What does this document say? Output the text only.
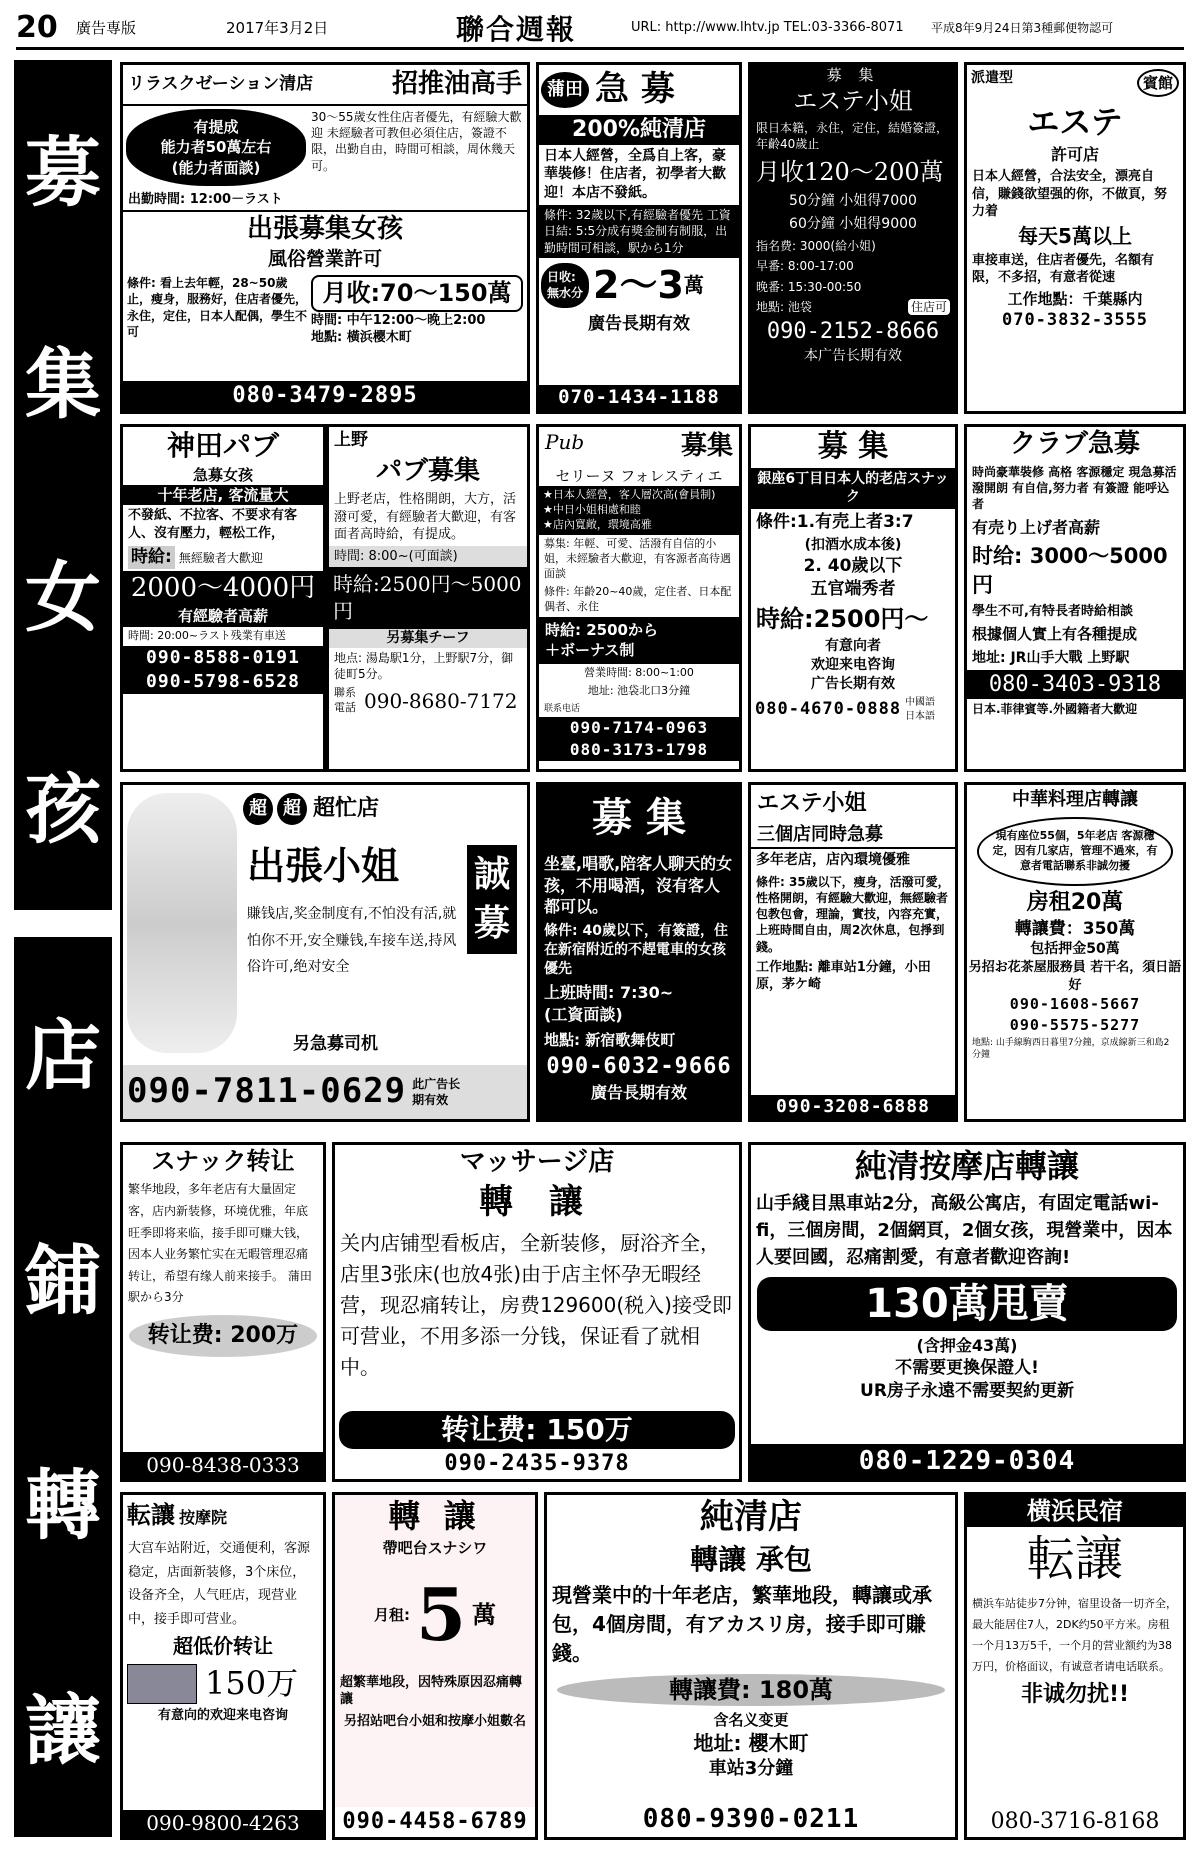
20	廣告専版	2017年3月2日	聯合週報	URL: http://www.lhtv.jp TEL:03-3366-8071	平成8年9月24日第3種郵便物認可
募
集
女
孩
店
鋪
轉
讓
リラスクゼーション清店	招推油高手
有提成
能力者50萬左右
(能力者面談)
30～55歲女性住店者優先，有經驗大歡迎 未經驗者可教但必須住店，簽證不限，出勤自由，時間可相談，周休幾天可。
出勤時間: 12:00－ラスト
出張募集女孩
風俗營業許可
條件: 看上去年輕，28~50歲止，瘦身，服務好，住店者優先，永住，定住，日本人配偶，學生不可
月收:70～150萬
時間: 中午12:00～晚上2:00
地點: 橫浜櫻木町
080-3479-2895
蒲田 急 募
200%純清店
日本人經營，全爲自上客，豪華裝修！住店者，初學者大歡迎！本店不發紙。
條件: 32歲以下,有經驗者優先 工資日結: 5:5分成有獎金制有制服，出勤時間可相談，駅から1分
日收:
無水分 2～3 萬
廣告長期有效
070-1434-1188
募 集
エステ小姐
限日本籍，永住，定住，結婚簽證，年齡40歲止
月收120～200萬
50分鐘 小姐得7000
60分鐘 小姐得9000
指名费: 3000(給小姐)
早番: 8:00-17:00
晚番: 15:30-00:50
地點: 池袋	住店可
090-2152-8666
本广告长期有效
派遣型	賓館
エステ
許可店
日本人經營，合法安全，漂亮自信，賺錢欲望强的你，不做頁，努力着
每天5萬以上
車接車送，住店者優先，名額有限，不多招，有意者從速
工作地點：千葉縣内
070-3832-3555
神田パブ
急募女孩
十年老店, 客流量大
不發紙、不拉客、不要求有客人、沒有壓力，輕松工作，
時給: 無經驗者大歡迎
2000～4000円
有經驗者高薪
時間: 20:00~ラスト残業有車送
090-8588-0191
090-5798-6528
上野
パブ募集
上野老店，性格開朗，大方，活潑可愛，有經驗者大歡迎，有客面者高時給，有提成。
時間: 8:00~(可面談)
時給:2500円～5000円
另募集チーフ
地点: 湯島駅1分，上野駅7分，御徒町5分。
聯系電話 090-8680-7172
Pub	募集
セリーヌ フォレスティエ
★日本人經營，客人層次高(會員制)
★中日小姐相處和睦
★店內寬敞，環境高雅
募集: 年輕、可愛、活潑有自信的小姐，未經驗者大歡迎，有客源者高待遇面談
條件: 年齡20~40歲，定住者、日本配偶者、永住
時給: 2500から
＋ボーナス制
營業時間: 8:00~1:00
地址: 池袋北口3分鐘
联系电话
090-7174-0963
080-3173-1798
募 集
銀座6丁目日本人的老店スナック
條件:1.有売上者3:7
(扣酒水成本後)
2. 40歲以下
五官端秀者
時給:2500円～
有意向者
欢迎来电咨询
广告长期有效
080-4670-0888 中國語
日本語
クラブ急募
時尚豪華裝修 高格 客源穩定 現急募活潑開朗 有自信,努力者 有簽證 能呼込者
有売り上げ者高薪
时给: 3000～5000円
學生不可,有特長者時給相談
根據個人實上有各種提成
地址: JR山手大戰 上野駅
080-3403-9318
日本.菲律賓等.外國籍者大歡迎
超 超 超忙店
出張小姐 誠募
賺钱店,奖金制度有,不怕没有活,就怕你不开,安全赚钱,车接车送,持风俗许可,绝对安全
另急募司机
090-7811-0629 此广告长期有效
募 集
坐臺,唱歌,陪客人聊天的女孩，不用喝酒，沒有客人都可以。
條件: 40歲以下，有簽證，住在新宿附近的不趕電車的女孩優先
上班時間: 7:30~
(工資面談)
地點: 新宿歌舞伎町
090-6032-9666
廣告長期有效
エステ小姐
三個店同時急募
多年老店，店內環境優雅
條件: 35歲以下，瘦身，活潑可愛，性格開朗，有經驗大歡迎，無經驗者包教包會，理論，實技，內容充實，上班時間自由，周2次休息，包掙到錢。
工作地點: 離車站1分鐘，小田原，茅ケ崎
090-3208-6888
中華料理店轉讓
現有座位55個，5年老店 客源穩定，因有几家店，管理不過來，有意者電話聯系非誠勿擾
房租20萬
轉讓費：350萬
包括押金50萬
另招お花茶屋服務員 若干名，須日語好
090-1608-5667
090-5575-5277
地點: 山手線駒西日暮里7分鐘，京成線新三和島2分鐘
スナック转让
繁华地段，多年老店有大量固定客，店内新装修，环境优雅，年底旺季即将来临，接手即可赚大钱，因本人业务繁忙实在无暇管理忍痛转让，希望有缘人前来接手。 蒲田駅から3分
转让费: 200万
090-8438-0333
マッサージ店
轉 讓
关内店铺型看板店，全新装修，厨浴齐全，店里3张床(也放4张)由于店主怀孕无暇经营，现忍痛转让，房费129600(税入)接受即可营业，不用多添一分钱，保证看了就相中。
转让费: 150万
090-2435-9378
純清按摩店轉讓
山手綫目黒車站2分，高級公寓店，有固定電話wi-fi，三個房間，2個網頁，2個女孩，現營業中，因本人要回國，忍痛割愛，有意者歡迎咨詢!
130萬甩賣
(含押金43萬)
不需要更換保證人!
UR房子永遠不需要契約更新
080-1229-0304
転讓 按摩院
大宫车站附近，交通便利，客源稳定，店面新装修，3个床位，设备齐全，人气旺店，现营业中，接手即可营业。
超低价转让
150万
有意向的欢迎来电咨询
090-9800-4263
轉 讓
帶吧台スナシワ
月租: 5 萬
超繁華地段，因特殊原因忍痛轉讓
另招站吧台小姐和按摩小姐數名
090-4458-6789
純清店
轉讓 承包
現營業中的十年老店，繁華地段，轉讓或承包，4個房間，有アカスリ房，接手即可賺錢。
轉讓費: 180萬
含名义变更
地址: 櫻木町
車站3分鐘
080-9390-0211
横浜民宿
転讓
横浜车站徒步7分钟，宿里设备一切齐全，最大能居住7人，2DK约50平方米。房租一个月13万5千，一个月的营业额约为38万円，价格面议，有诚意者请电话联系。
非诚勿扰!!
080-3716-8168
